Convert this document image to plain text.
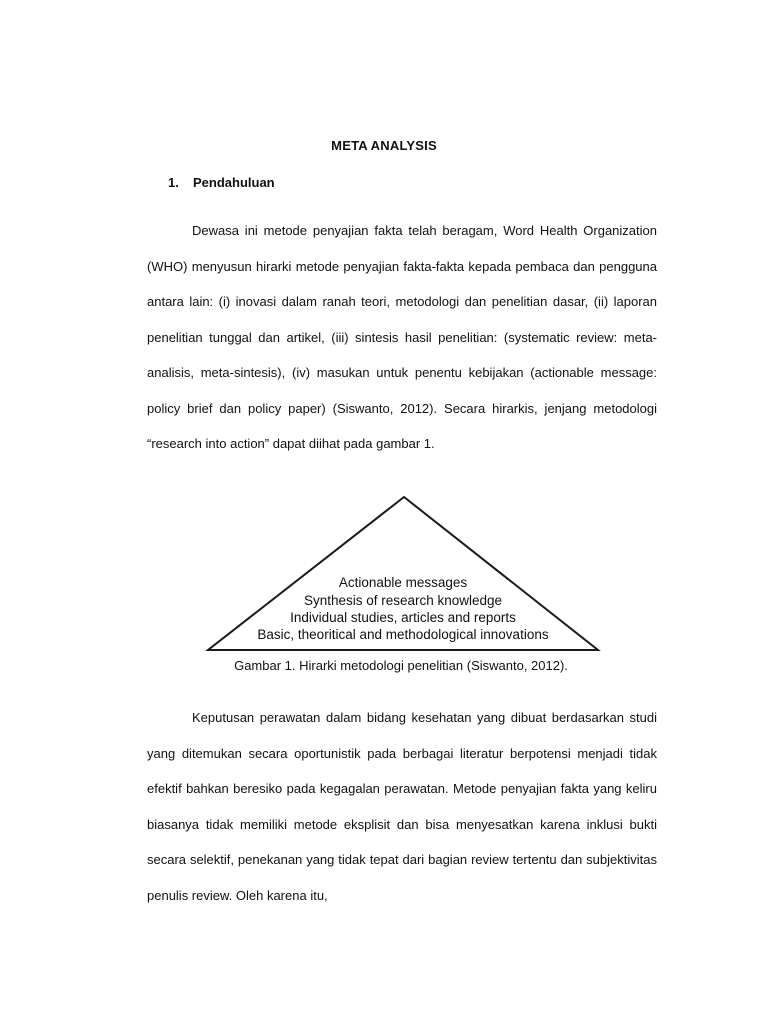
META ANALYSIS
1. Pendahuluan

Dewasa ini metode penyajian fakta telah beragam, Word Health Organization (WHO) menyusun hirarki metode penyajian fakta-fakta kepada pembaca dan pengguna antara lain: (i) inovasi dalam ranah teori, metodologi dan penelitian dasar, (ii) laporan penelitian tunggal dan artikel, (iii) sintesis hasil penelitian: (systematic review: meta-analisis, meta-sintesis), (iv) masukan untuk penentu kebijakan (actionable message: policy brief dan policy paper) (Siswanto, 2012). Secara hirarkis, jenjang metodologi “research into action” dapat diihat pada gambar 1.

Actionable messages
Synthesis of research knowledge
Individual studies, articles and reports
Basic, theoritical and methodological innovations
Gambar 1. Hirarki metodologi penelitian (Siswanto, 2012).

Keputusan perawatan dalam bidang kesehatan yang dibuat berdasarkan studi yang ditemukan secara oportunistik pada berbagai literatur berpotensi menjadi tidak efektif bahkan beresiko pada kegagalan perawatan. Metode penyajian fakta yang keliru biasanya tidak memiliki metode eksplisit dan bisa menyesatkan karena inklusi bukti secara selektif, penekanan yang tidak tepat dari bagian review tertentu dan subjektivitas penulis review. Oleh karena itu,
